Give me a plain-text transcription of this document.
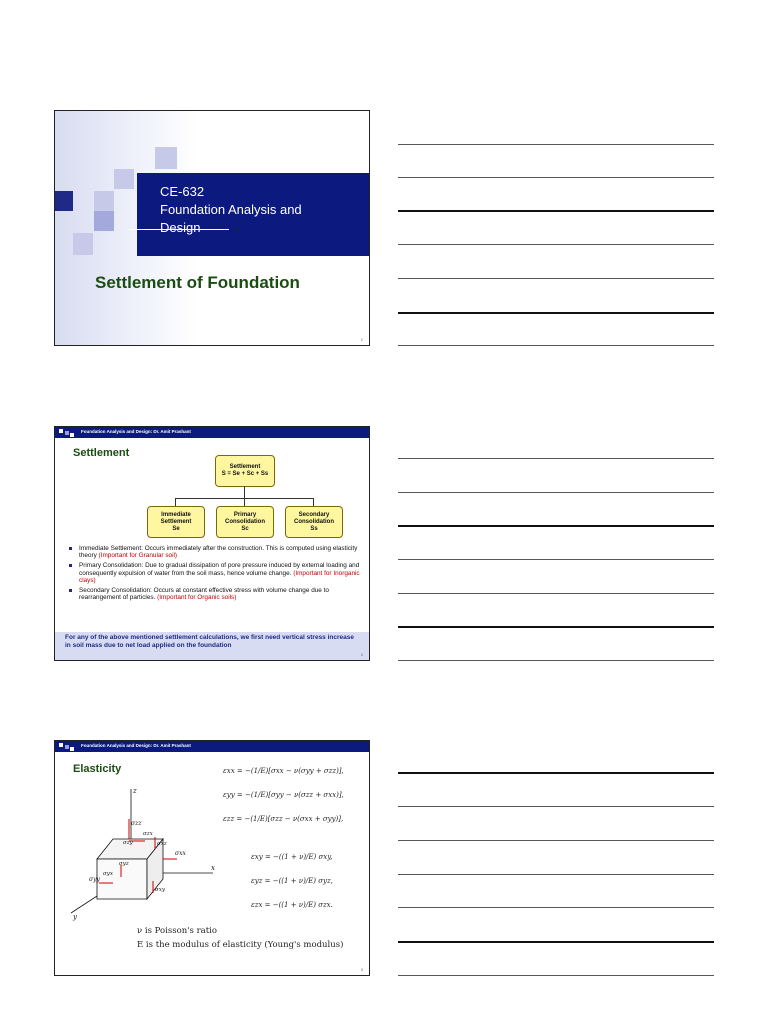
CE-632
Foundation Analysis and
Design
Settlement of Foundation
1
Foundation Analysis and Design: Dr. Amit Prashant
Settlement
Settlement
S = Se + Sc + Ss
Immediate
Settlement
Se
Primary
Consolidation
Sc
Secondary
Consolidation
Ss
Immediate Settlement: Occurs immediately after the construction. This is computed using elasticity theory (Important for Granular soil)
Primary Consolidation: Due to gradual dissipation of pore pressure induced by external loading and consequently expulsion of water from the soil mass, hence volume change. (Important for Inorganic clays)
Secondary Consolidation: Occurs at constant effective stress with volume change due to rearrangement of particles. (Important for Organic soils)
For any of the above mentioned settlement calculations, we first need vertical stress increase in soil mass due to net load applied on the foundation
2
Foundation Analysis and Design: Dr. Amit Prashant
Elasticity
z
x
y
σzz
σzx
σzy	σxz
σxx
σyz
σyx
σyy
σxy
εxx = −(1/E)[σxx − ν(σyy + σzz)],
εyy = −(1/E)[σyy − ν(σzz + σxx)],
εzz = −(1/E)[σzz − ν(σxx + σyy)],
εxy = −((1 + ν)/E) σxy,
εyz = −((1 + ν)/E) σyz,
εzx = −((1 + ν)/E) σzx.
ν is Poisson's ratio
E is the modulus of elasticity (Young's modulus)
3
